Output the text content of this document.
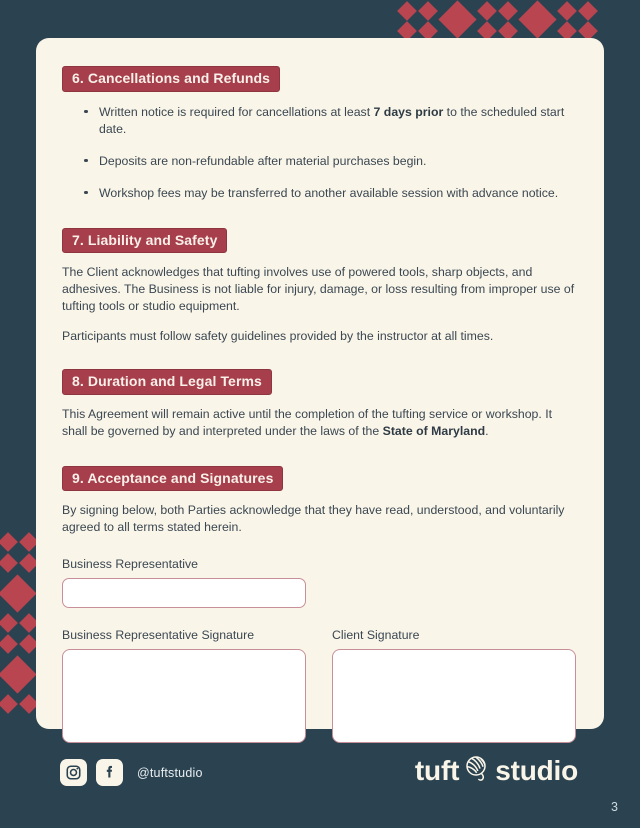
6. Cancellations and Refunds
Written notice is required for cancellations at least 7 days prior to the scheduled start date.
Deposits are non-refundable after material purchases begin.
Workshop fees may be transferred to another available session with advance notice.
7. Liability and Safety

The Client acknowledges that tufting involves use of powered tools, sharp objects, and adhesives. The Business is not liable for injury, damage, or loss resulting from improper use of tufting tools or studio equipment.

Participants must follow safety guidelines provided by the instructor at all times.

8. Duration and Legal Terms

This Agreement will remain active until the completion of the tufting service or workshop. It shall be governed by and interpreted under the laws of the State of Maryland.

9. Acceptance and Signatures

By signing below, both Parties acknowledge that they have read, understood, and voluntarily agreed to all terms stated herein.

Business Representative
Business Representative Signature	Client Signature
@tuftstudio	tuft studio
3
